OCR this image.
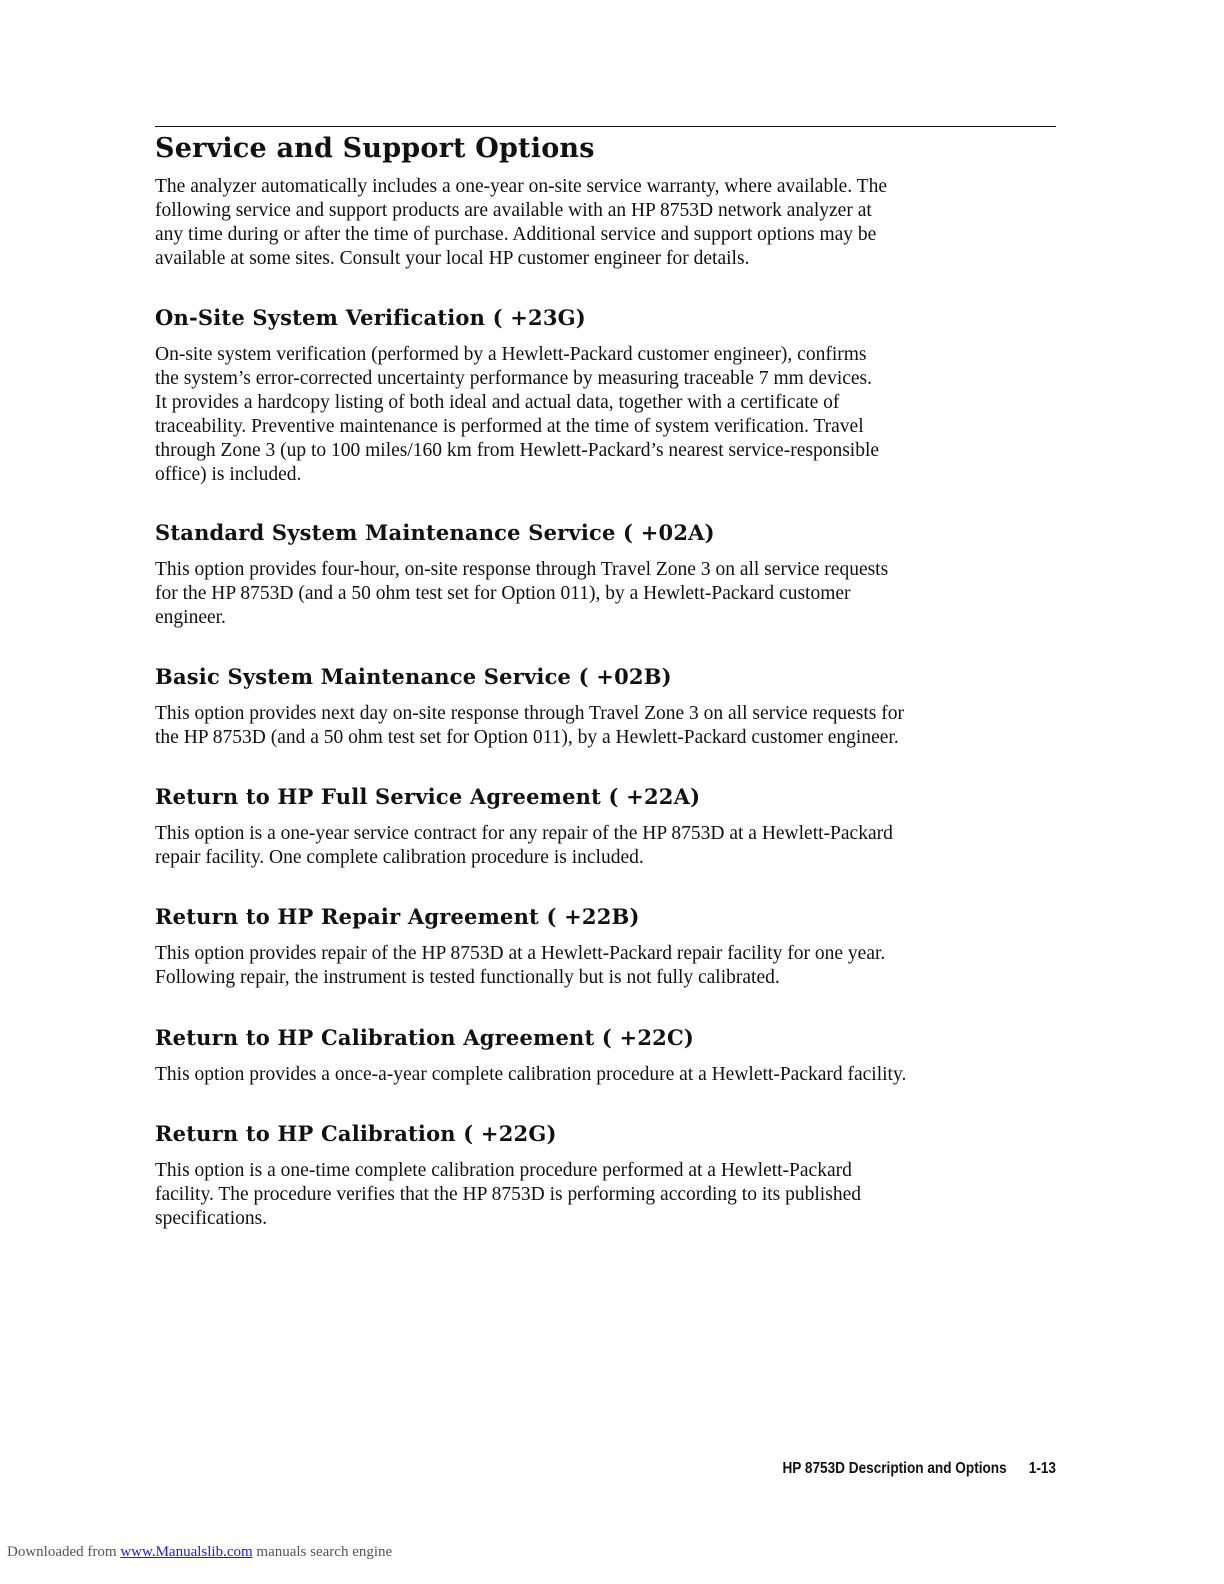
Service and Support Options

The analyzer automatically includes a one-year on-site service warranty, where available. The
following service and support products are available with an HP 8753D network analyzer at
any time during or after the time of purchase. Additional service and support options may be
available at some sites. Consult your local HP customer engineer for details.

On-Site System Verification ( +23G)

On-site system verification (performed by a Hewlett-Packard customer engineer), confirms
the system’s error-corrected uncertainty performance by measuring traceable 7 mm devices.
It provides a hardcopy listing of both ideal and actual data, together with a certificate of
traceability. Preventive maintenance is performed at the time of system verification. Travel
through Zone 3 (up to 100 miles/160 km from Hewlett-Packard’s nearest service-responsible
office) is included.

Standard System Maintenance Service ( +02A)

This option provides four-hour, on-site response through Travel Zone 3 on all service requests
for the HP 8753D (and a 50 ohm test set for Option 011), by a Hewlett-Packard customer
engineer.

Basic System Maintenance Service ( +02B)

This option provides next day on-site response through Travel Zone 3 on all service requests for
the HP 8753D (and a 50 ohm test set for Option 011), by a Hewlett-Packard customer engineer.

Return to HP Full Service Agreement ( +22A)

This option is a one-year service contract for any repair of the HP 8753D at a Hewlett-Packard
repair facility. One complete calibration procedure is included.

Return to HP Repair Agreement ( +22B)

This option provides repair of the HP 8753D at a Hewlett-Packard repair facility for one year.
Following repair, the instrument is tested functionally but is not fully calibrated.

Return to HP Calibration Agreement ( +22C)

This option provides a once-a-year complete calibration procedure at a Hewlett-Packard facility.

Return to HP Calibration ( +22G)

This option is a one-time complete calibration procedure performed at a Hewlett-Packard
facility. The procedure verifies that the HP 8753D is performing according to its published
specifications.

HP 8753D Description and Options 1-13
Downloaded from www.Manualslib.com manuals search engine
